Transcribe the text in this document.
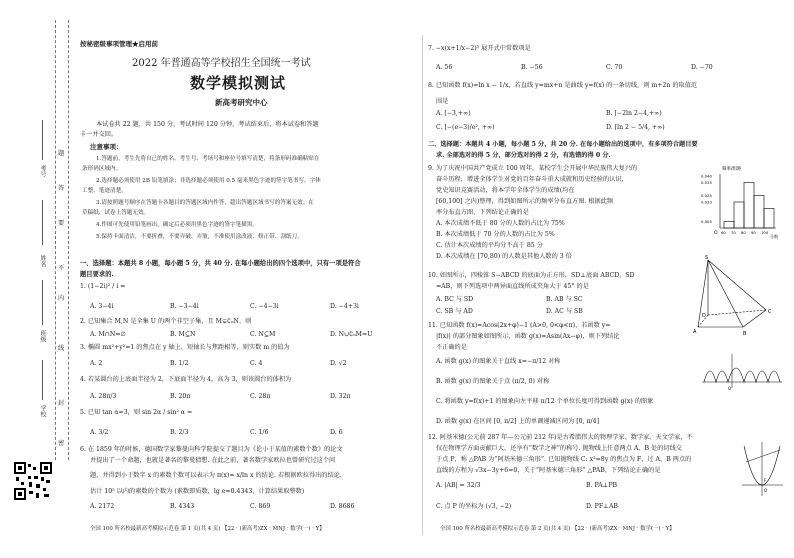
题
答
要
不
内
线
封
密
考号
姓名
班级
学校
按秘密级事项管理★启用前
2022 年普通高等学校招生全国统一考试
数学模拟测试
新高考研究中心
本试卷共 22 题，共 150 分，考试时间 120 分钟，考试结束后，将本试卷和答题
卡一并交回。
注意事项：
1.答题前，考生先将自己的姓名、考生号、考场号和座位号填写清楚，将条形码准确粘贴在
条形码区域内。
2.选择题必须使用 2B 铅笔填涂；非选择题必须使用 0.5 毫米黑色字迹的签字笔书写，字体
工整、笔迹清楚。
3.请按照题号顺序在答题卡各题目的答题区域内作答，超出答题区域书写的答案无效；在
草稿纸、试卷上答题无效。
4.作图可先使用铅笔画出，确定后必须用黑色字迹的签字笔描黑。
5.保持卡面清洁，不要折叠，不要弄破、弄皱，不准使用涂改液、修正带、刮纸刀。
一、选择题：本题共 8 小题，每小题 5 分，共 40 分. 在每小题给出的四个选项中，只有一项是符合
题目要求的.
1. (1−2i)² / i =
A. 3−4i	B. −3−4i	C. −4−3i	D. −4+3i
2. 已知集合 M,N 是全集 U 的两个非空子集，且 M⊊∁ᵤN，则
A. M∩N=∅	B. M⊆N	C. N⊆M	D. N∪∁ᵤM=U
3. 椭圆 mx²+y²=1 的焦点在 y 轴上，短轴长与焦距相等，则实数 m 的值为
A. 2	B. 1/2	C. 4	D. √2
4. 若某圆台的上底面半径为 2，下底面半径为 4，高为 3，则该圆台的体积为
A. 28π/3	B. 20π	C. 28π	D. 32π
5. 已知 tan α=3，则 sin 2α / sin² α =
A. 3/2	B. 2/3	C. 1/6	D. 6
6. 在 1859 年的时候，德国数学家黎曼向科学院提交了题目为《论小于某值的素数个数》的论文
并提出了一个命题，也就是著名的黎曼猜想. 在此之前，著名数学家欧拉也曾研究过这个问
题，并得到小于数字 x 的素数个数可以表示为 π(x)≈ x/ln x 的结论. 若根据欧拉得出的结论，
估计 10⁵ 以内的素数的个数为 (素数即质数，lg e≈0.4343，计算结果取整数)
A. 2172	B. 4343	C. 869	D. 8686
全国 100 所名校最新高考模拟示范卷 第 1 页(共 4 页) 【22 · (新高考)ZX · MNJ · 数学(一) · Y】
7. −x(x+1/x−2)⁵ 展开式中常数项是
A. 56	B. −56	C. 70	D. −70
8. 已知函数 f(x)=ln x − 1/x，若直线 y=mx+n 是曲线 y=f(x) 的一条切线，则 m+2n 的取值范
围是
A. [−3,+∞)	B. [−2ln 2−4,+∞)
C. [−(e−3)/e², +∞)	D. [ln 2 − 5/4, +∞)
二、选择题：本题共 4 小题，每小题 5 分，共 20 分. 在每小题给出的选项中，有多项符合题目要
求. 全部选对的得 5 分，部分选对的得 2 分，有选错的得 0 分.
9. 为了庆祝中国共产党成立 100 周年，某校学生会开展中华民族伟大复兴的
奋斗历程，增进全体学生对党的百年奋斗重大成就和历史经验的认识，
党史知识竞赛活动，将本学年全体学生的成绩(均在
[60,100] 之内)整理，得到如图所示的频率分布直方图. 根据此频
率分布直方图，下列结论正确的是
A. 本次成绩不低于 80 分的人数的占比为 75%
B. 本次成绩低于 70 分的人数的占比为 5%
C. 估计本次成绩的平均分不高于 85 分
D. 本次成绩在 [70,80) 的人数是其他人数的 3 倍
频率/组距
O
分数
60 70 80 90 100
0.040
0.035
0.025
0.020
0.005
10. 如图所示，四棱锥 S−ABCD 的底面为正方形，SD⊥底面 ABCD，SD
=AB，则下列选项中两异面直线所成夹角大于 45° 的是
A. BC 与 SD	B. AB 与 SC
C. SB 与 AD	D. AC 与 SB
S
D
A	B
C
11. 已知函数 f(x)=Acos(2x+φ)−1 (A>0, 0<φ<π)，若函数 y=
|f(x)| 的部分图象如图所示，函数 g(x)=Asin(Ax−φ)，则下列结论
不正确的是
A. 函数 g(x) 的图象关于直线 x=−π/12 对称
B. 函数 g(x) 的图象关于点 (π/2, 0) 对称
C. 将函数 y=f(x)+1 的图象向左平移 π/12 个单位长度可得到函数 g(x) 的图象
D. 函数 g(x) 在区间 [0, π/2] 上的单调递减区间为 [0, π/4]
O
12. 阿基米德(公元前 287 年—公元前 212 年)是古希腊伟大的物理学家、数学家、天文学家，不
仅在物理学方面贡献巨大，还享有“数学之神”的称号. 抛物线上任意两点 A、B 处的切线交
于点 P，称 △PAB 为“阿基米德三角形”. 已知抛物线 C: x²=8y 的焦点为 F，过 A、B 两点的
直线的方程为 √3x−3y+6=0，关于“阿基米德三角形” △PAB，下列结论正确的是
A. |AB| = 32/3	B. PA⊥PB
C. 点 P 的坐标为 (√3, −2)	D. PF⊥AB
F
O
全国 100 所名校最新高考模拟示范卷 第 2 页(共 4 页) 【22 · (新高考)ZX · MNJ · 数学(一) · Y】
